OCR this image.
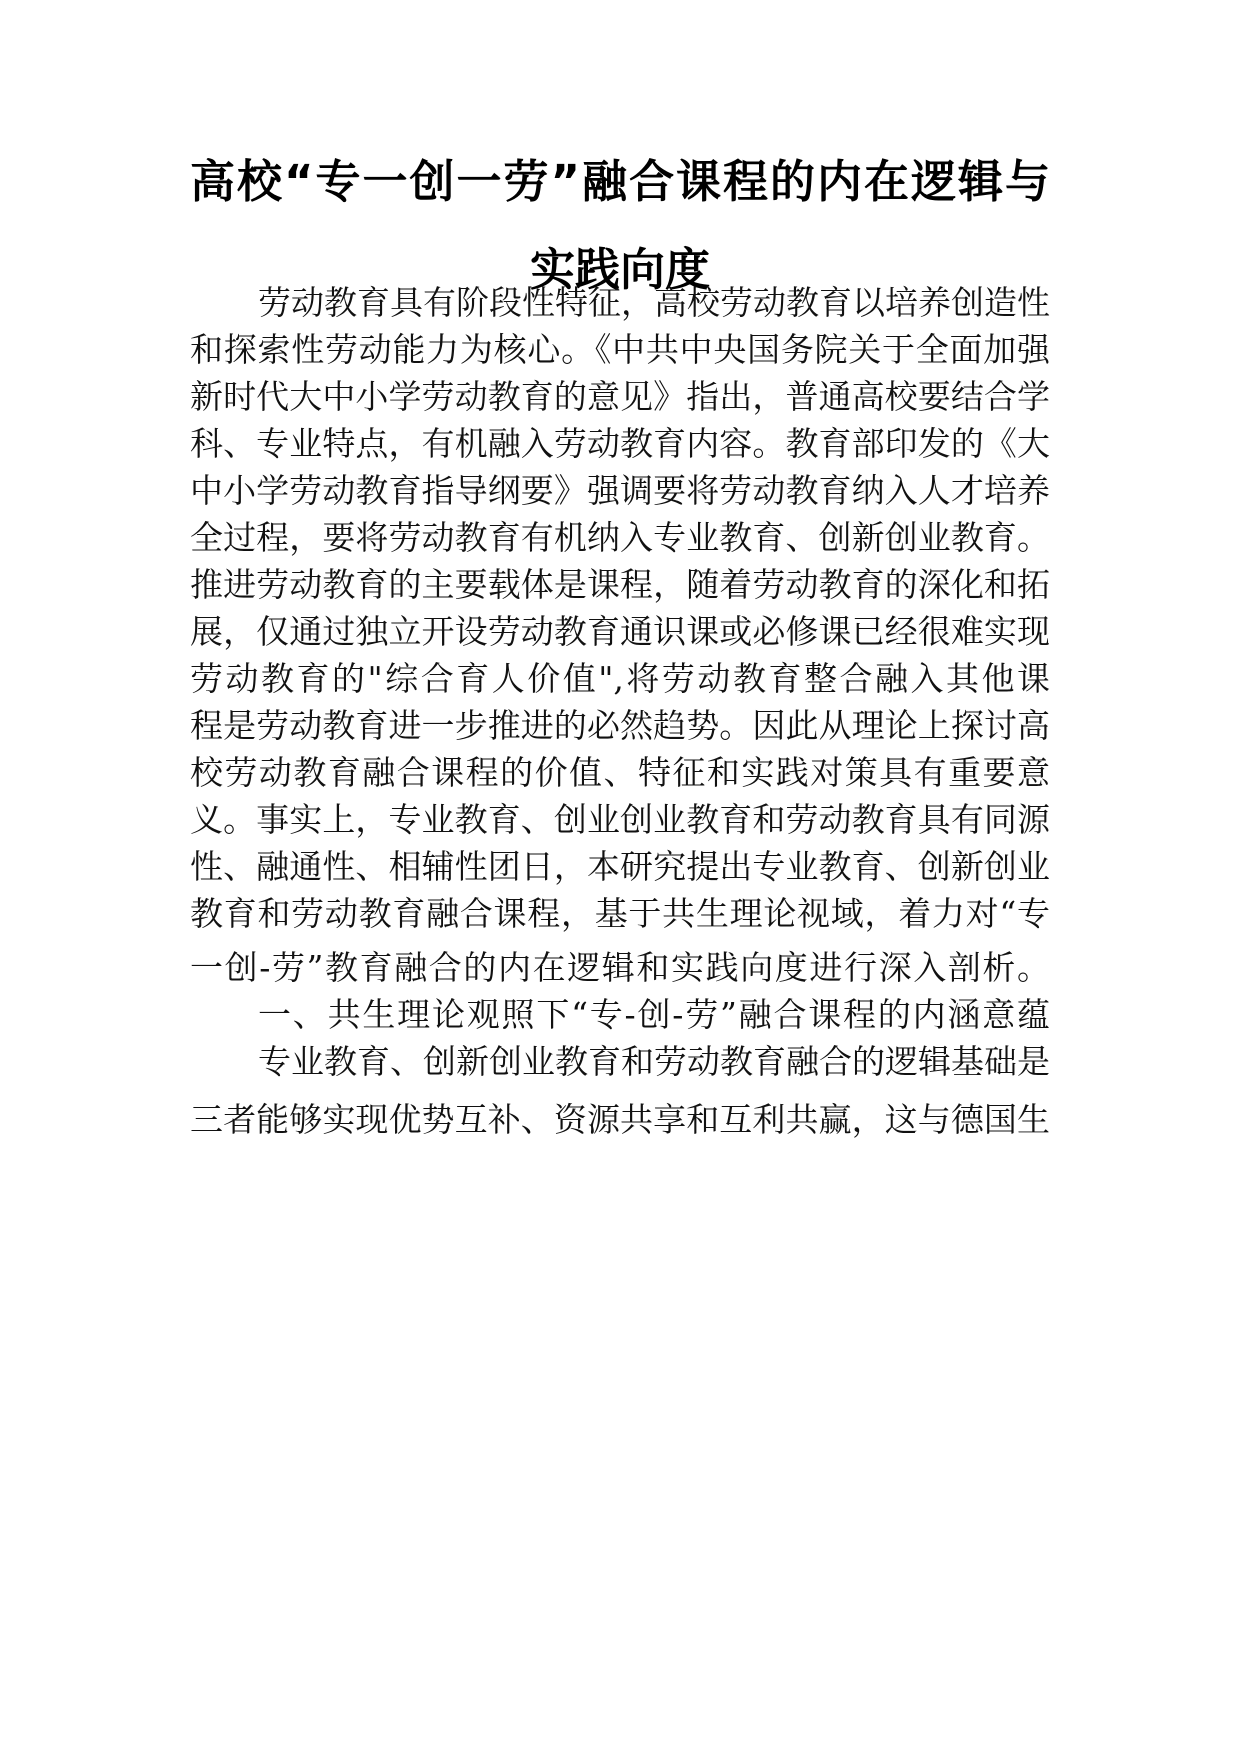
高校“专一创一劳”融合课程的内在逻辑与
实践向度
劳动教育具有阶段性特征，高校劳动教育以培养创造性
和探索性劳动能力为核心。《中共中央国务院关于全面加强
新时代大中小学劳动教育的意见》指出，普通高校要结合学
科、专业特点，有机融入劳动教育内容。教育部印发的《大
中小学劳动教育指导纲要》强调要将劳动教育纳入人才培养
全过程，要将劳动教育有机纳入专业教育、创新创业教育。
推进劳动教育的主要载体是课程，随着劳动教育的深化和拓
展，仅通过独立开设劳动教育通识课或必修课已经很难实现
劳动教育的"综合育人价值",将劳动教育整合融入其他课
程是劳动教育进一步推进的必然趋势。因此从理论上探讨高
校劳动教育融合课程的价值、特征和实践对策具有重要意
义。事实上，专业教育、创业创业教育和劳动教育具有同源
性、融通性、相辅性团日，本研究提出专业教育、创新创业
教育和劳动教育融合课程，基于共生理论视域，着力对“专
一创-劳”教育融合的内在逻辑和实践向度进行深入剖析。
一、共生理论观照下“专-创-劳”融合课程的内涵意蕴
专业教育、创新创业教育和劳动教育融合的逻辑基础是
三者能够实现优势互补、资源共享和互利共赢，这与德国生
